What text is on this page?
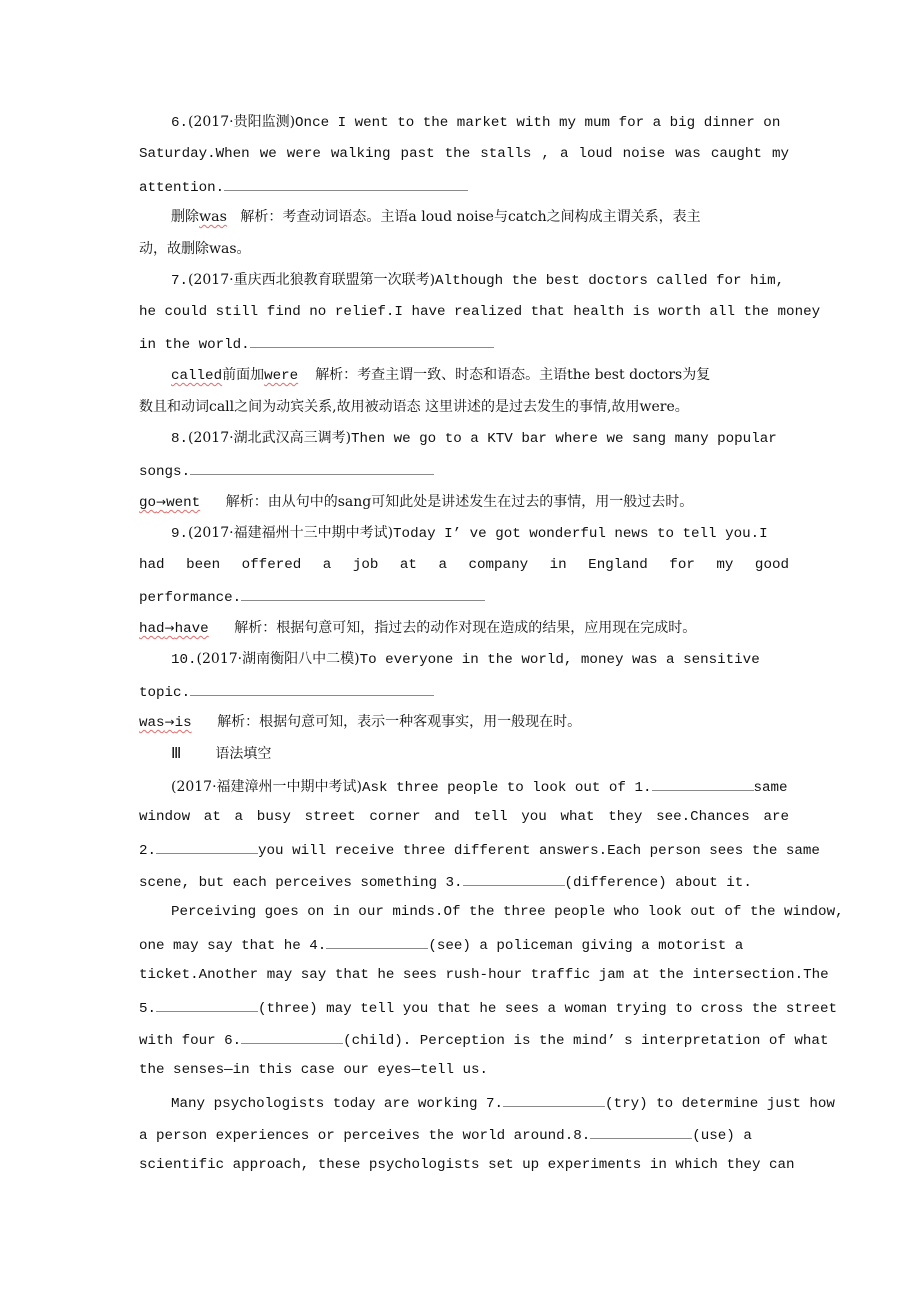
6.(2017·贵阳监测)Once I went to the market with my mum for a big dinner on
Saturday.When we were walking past the stalls , a loud noise was caught my
attention.
删除was 解析：考查动词语态。主语a loud noise与catch之间构成主谓关系，表主
动，故删除was。
7.(2017·重庆西北狼教育联盟第一次联考)Although the best doctors called for him,
he could still find no relief.I have realized that health is worth all the money
in the world.
called前面加were 解析：考查主谓一致、时态和语态。主语the best doctors为复
数且和动词call之间为动宾关系,故用被动语态 这里讲述的是过去发生的事情,故用were。
8.(2017·湖北武汉高三调考)Then we go to a KTV bar where we sang many popular
songs.
go→went 解析：由从句中的sang可知此处是讲述发生在过去的事情，用一般过去时。
9.(2017·福建福州十三中期中考试)Today I’ ve got wonderful news to tell you.I
had been offered a job at a company in England for my good
performance.
had→have 解析：根据句意可知，指过去的动作对现在造成的结果，应用现在完成时。
10.(2017·湖南衡阳八中二模)To everyone in the world, money was a sensitive
topic.
was→is 解析：根据句意可知，表示一种客观事实，用一般现在时。
Ⅲ 语法填空
(2017·福建漳州一中期中考试)Ask three people to look out of 1.	same
window at a busy street corner and tell you what they see.Chances are
2.	you will receive three different answers.Each person sees the same
scene, but each perceives something 3.	(difference) about it.
Perceiving goes on in our minds.Of the three people who look out of the window,
one may say that he 4.	(see) a policeman giving a motorist a
ticket.Another may say that he sees rush-hour traffic jam at the intersection.The
5.	(three) may tell you that he sees a woman trying to cross the street
with four 6.	(child). Perception is the mind’ s interpretation of what
the senses—in this case our eyes—tell us.
Many psychologists today are working 7.	(try) to determine just how
a person experiences or perceives the world around.8.	(use) a
scientific approach, these psychologists set up experiments in which they can
